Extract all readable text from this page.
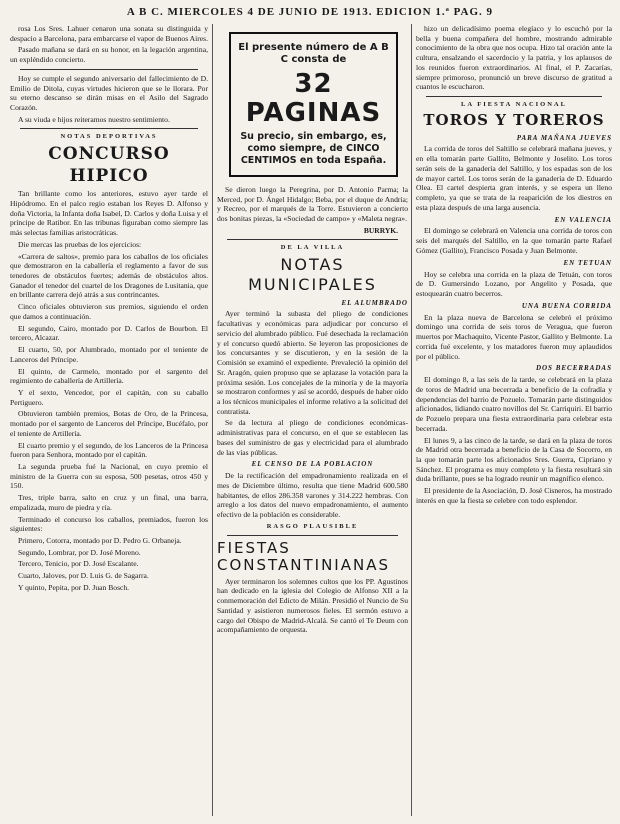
A B C. MIERCOLES 4 DE JUNIO DE 1913. EDICION 1.ª PAG. 9

rosa Los Sres. Lahuer cenaron una sonata su distinguida y despacio a Barcelona, para embarcarse el vapor de Buenos Aires.

Pasado mañana se dará en su honor, en la legación argentina, un expléndido concierto.

Hoy se cumple el segundo aniversario del fallecimiento de D. Emilio de Ditola, cuyas virtudes hicieron que se le llorara. Por su eterno descanso se dirán misas en el Asilo del Sagrado Corazón.

A su viuda e hijos reiteramos nuestro sentimiento.

NOTAS DEPORTIVAS
CONCURSO HIPICO

Tan brillante como los anteriores, estuvo ayer tarde el Hipódromo. En el palco regio estaban los Reyes D. Alfonso y doña Victoria, la Infanta doña Isabel, D. Carlos y doña Luisa y el príncipe de Ratibor. En las tribunas figuraban como siempre las más selectas familias aristocráticas.

Die mercas las pruebas de los ejercicios:

«Carrera de saltos», premio para los caballos de los oficiales que demostraron en la caballería el reglamento a favor de sus tenedores de obstáculos fuertes; además de obstáculos altos. Ganador el tenedor del cuartel de los Dragones de Lusitania, que en brillante carrera dejó atrás a sus contrincantes.

Cinco oficiales obtuvieron sus premios, siguiendo el orden que damos a continuación.

El segundo, Cairo, montado por D. Carlos de Bourbon. El tercero, Alcazar.

El cuarto, 50, por Alumbrado, montado por el teniente de Lanceros del Príncipe.

El quinto, de Carmelo, montado por el sargento del regimiento de caballería de Artillería.

Y el sexto, Vencedor, por el capitán, con su caballo Pertiguero.

Obtuvieron también premios, Botas de Oro, de la Princesa, montado por el sargento de Lanceros del Príncipe, Bucéfalo, por el teniente de Artillería.

El cuarto premio y el segundo, de los Lanceros de la Princesa fueron para Senhora, montado por el capitán.

La segunda prueba fué la Nacional, en cuyo premio el ministro de la Guerra con su esposa, 500 pesetas, otros 450 y 150.

Tres, triple barra, salto en cruz y un final, una barra, empalizada, muro de piedra y ría.

Terminado el concurso los caballos, premiados, fueron los siguientes:

Primero, Cotorra, montado por D. Pedro G. Orbaneja.

Segundo, Lombrar, por D. José Moreno.

Tercero, Tenicio, por D. José Escalante.

Cuarto, Jaloves, por D. Luis G. de Sagarra.

Y quinto, Pepita, por D. Juan Bosch.

El presente número de A B C consta de
32 PAGINAS
Su precio, sin embargo, es, como siempre, de CINCO CENTIMOS en toda España.

Se dieron luego la Peregrina, por D. Antonio Parma; la Merced, por D. Ángel Hidalgo; Beba, por el duque de Andría; y Recreo, por el marqués de la Torre. Estuvieron a concierto dos bonitas piezas, la «Sociedad de campo» y «Maleta negra».

BURRYK.
DE LA VILLA
NOTAS MUNICIPALES
EL ALUMBRADO

Ayer terminó la subasta del pliego de condiciones facultativas y económicas para adjudicar por concurso el servicio del alumbrado público. Fué desechada la reclamación y el concurso quedó abierto. Se leyeron las proposiciones de los concursantes y se discutieron, y en la sesión de la Comisión se examinó el expediente. Prevaleció la opinión del Sr. Aragón, quien propuso que se aplazase la votación para la próxima sesión. Los concejales de la minoría y de la mayoría se mostraron conformes y así se acordó, después de haber oído a los técnicos municipales el informe relativo a la solicitud del contratista.

Se da lectura al pliego de condiciones económicas-administrativas para el concurso, en el que se establecen las bases del suministro de gas y electricidad para el alumbrado de las vías públicas.

EL CENSO DE LA POBLACION

De la rectificación del empadronamiento realizada en el mes de Diciembre último, resulta que tiene Madrid 600.580 habitantes, de ellos 286.358 varones y 314.222 hembras. Con arreglo a los datos del nuevo empadronamiento, el aumento efectivo de la población es considerable.

RASGO PLAUSIBLE
FIESTAS CONSTANTINIANAS

Ayer terminaron los solemnes cultos que los PP. Agustinos han dedicado en la iglesia del Colegio de Alfonso XII a la conmemoración del Edicto de Milán. Presidió el Nuncio de Su Santidad y asistieron numerosos fieles. El sermón estuvo a cargo del Obispo de Madrid-Alcalá. Se cantó el Te Deum con acompañamiento de orquesta.

hizo un delicadísimo poema elegíaco y lo escuchó por la bella y buena compañera del hombre, mostrando admirable conocimiento de la obra que nos ocupa. Hizo tal oración ante la cultura, ensalzando el sacerdocio y la patria, y los aplausos de los reunidos fueron extraordinarios. Al final, el P. Zacarías, siempre primoroso, pronunció un breve discurso de gratitud a cuantos le escucharon.

LA FIESTA NACIONAL
TOROS Y TOREROS
PARA MAÑANA JUEVES

La corrida de toros del Saltillo se celebrará mañana jueves, y en ella tomarán parte Gallito, Belmonte y Joselito. Los toros serán seis de la ganadería del Saltillo, y los espadas son de los de mayor cartel. Los toros serán de la ganadería de D. Eduardo Olea. El cartel despierta gran interés, y se espera un lleno completo, ya que se trata de la reaparición de los diestros en esta plaza después de una larga ausencia.

EN VALENCIA

El domingo se celebrará en Valencia una corrida de toros con seis del marqués del Saltillo, en la que tomarán parte Rafael Gómez (Gallito), Francisco Posada y Juan Belmonte.

EN TETUAN

Hoy se celebra una corrida en la plaza de Tetuán, con toros de D. Gumersindo Lozano, por Angelito y Posada, que estoquearán cuatro becerros.

UNA BUENA CORRIDA

En la plaza nueva de Barcelona se celebró el próximo domingo una corrida de seis toros de Veragua, que fueron muertos por Machaquito, Vicente Pastor, Gallito y Belmonte. La corrida fué excelente, y los matadores fueron muy aplaudidos por el público.

DOS BECERRADAS

El domingo 8, a las seis de la tarde, se celebrará en la plaza de toros de Madrid una becerrada a beneficio de la cofradía y dependencias del barrio de Pozuelo. Tomarán parte distinguidos aficionados, lidiando cuatro novillos del Sr. Carriquiri. El barrio de Pozuelo prepara una fiesta extraordinaria para celebrar esta becerrada.

El lunes 9, a las cinco de la tarde, se dará en la plaza de toros de Madrid otra becerrada a beneficio de la Casa de Socorro, en la que tomarán parte los aficionados Sres. Guerra, Cipriano y Sánchez. El programa es muy completo y la fiesta resultará sin duda brillante, pues se ha logrado reunir un magnífico elenco.

El presidente de la Asociación, D. José Cisneros, ha mostrado interés en que la fiesta se celebre con todo esplendor.
